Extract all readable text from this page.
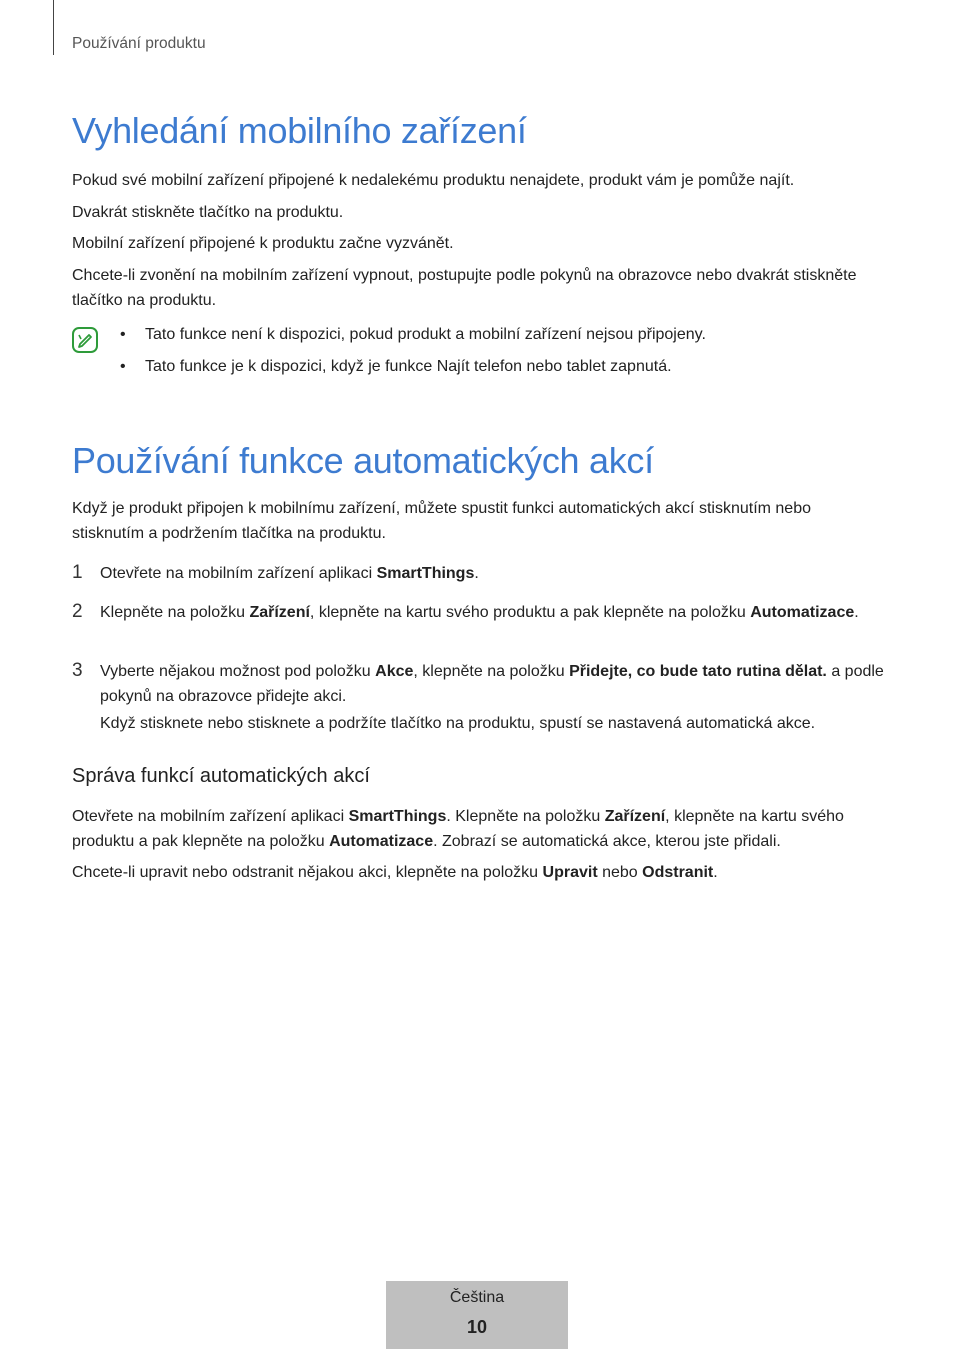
Používání produktu
Vyhledání mobilního zařízení
Pokud své mobilní zařízení připojené k nedalekému produktu nenajdete, produkt vám je pomůže najít.
Dvakrát stiskněte tlačítko na produktu.
Mobilní zařízení připojené k produktu začne vyzvánět.
Chcete-li zvonění na mobilním zařízení vypnout, postupujte podle pokynů na obrazovce nebo dvakrát stiskněte tlačítko na produktu.
• Tato funkce není k dispozici, pokud produkt a mobilní zařízení nejsou připojeny.
• Tato funkce je k dispozici, když je funkce Najít telefon nebo tablet zapnutá.
Používání funkce automatických akcí
Když je produkt připojen k mobilnímu zařízení, můžete spustit funkci automatických akcí stisknutím nebo stisknutím a podržením tlačítka na produktu.
1 Otevřete na mobilním zařízení aplikaci SmartThings.
2 Klepněte na položku Zařízení, klepněte na kartu svého produktu a pak klepněte na položku Automatizace.
3 Vyberte nějakou možnost pod položku Akce, klepněte na položku Přidejte, co bude tato rutina dělat. a podle pokynů na obrazovce přidejte akci.
Když stisknete nebo stisknete a podržíte tlačítko na produktu, spustí se nastavená automatická akce.
Správa funkcí automatických akcí
Otevřete na mobilním zařízení aplikaci SmartThings. Klepněte na položku Zařízení, klepněte na kartu svého produktu a pak klepněte na položku Automatizace. Zobrazí se automatická akce, kterou jste přidali.
Chcete-li upravit nebo odstranit nějakou akci, klepněte na položku Upravit nebo Odstranit.
Čeština
10
